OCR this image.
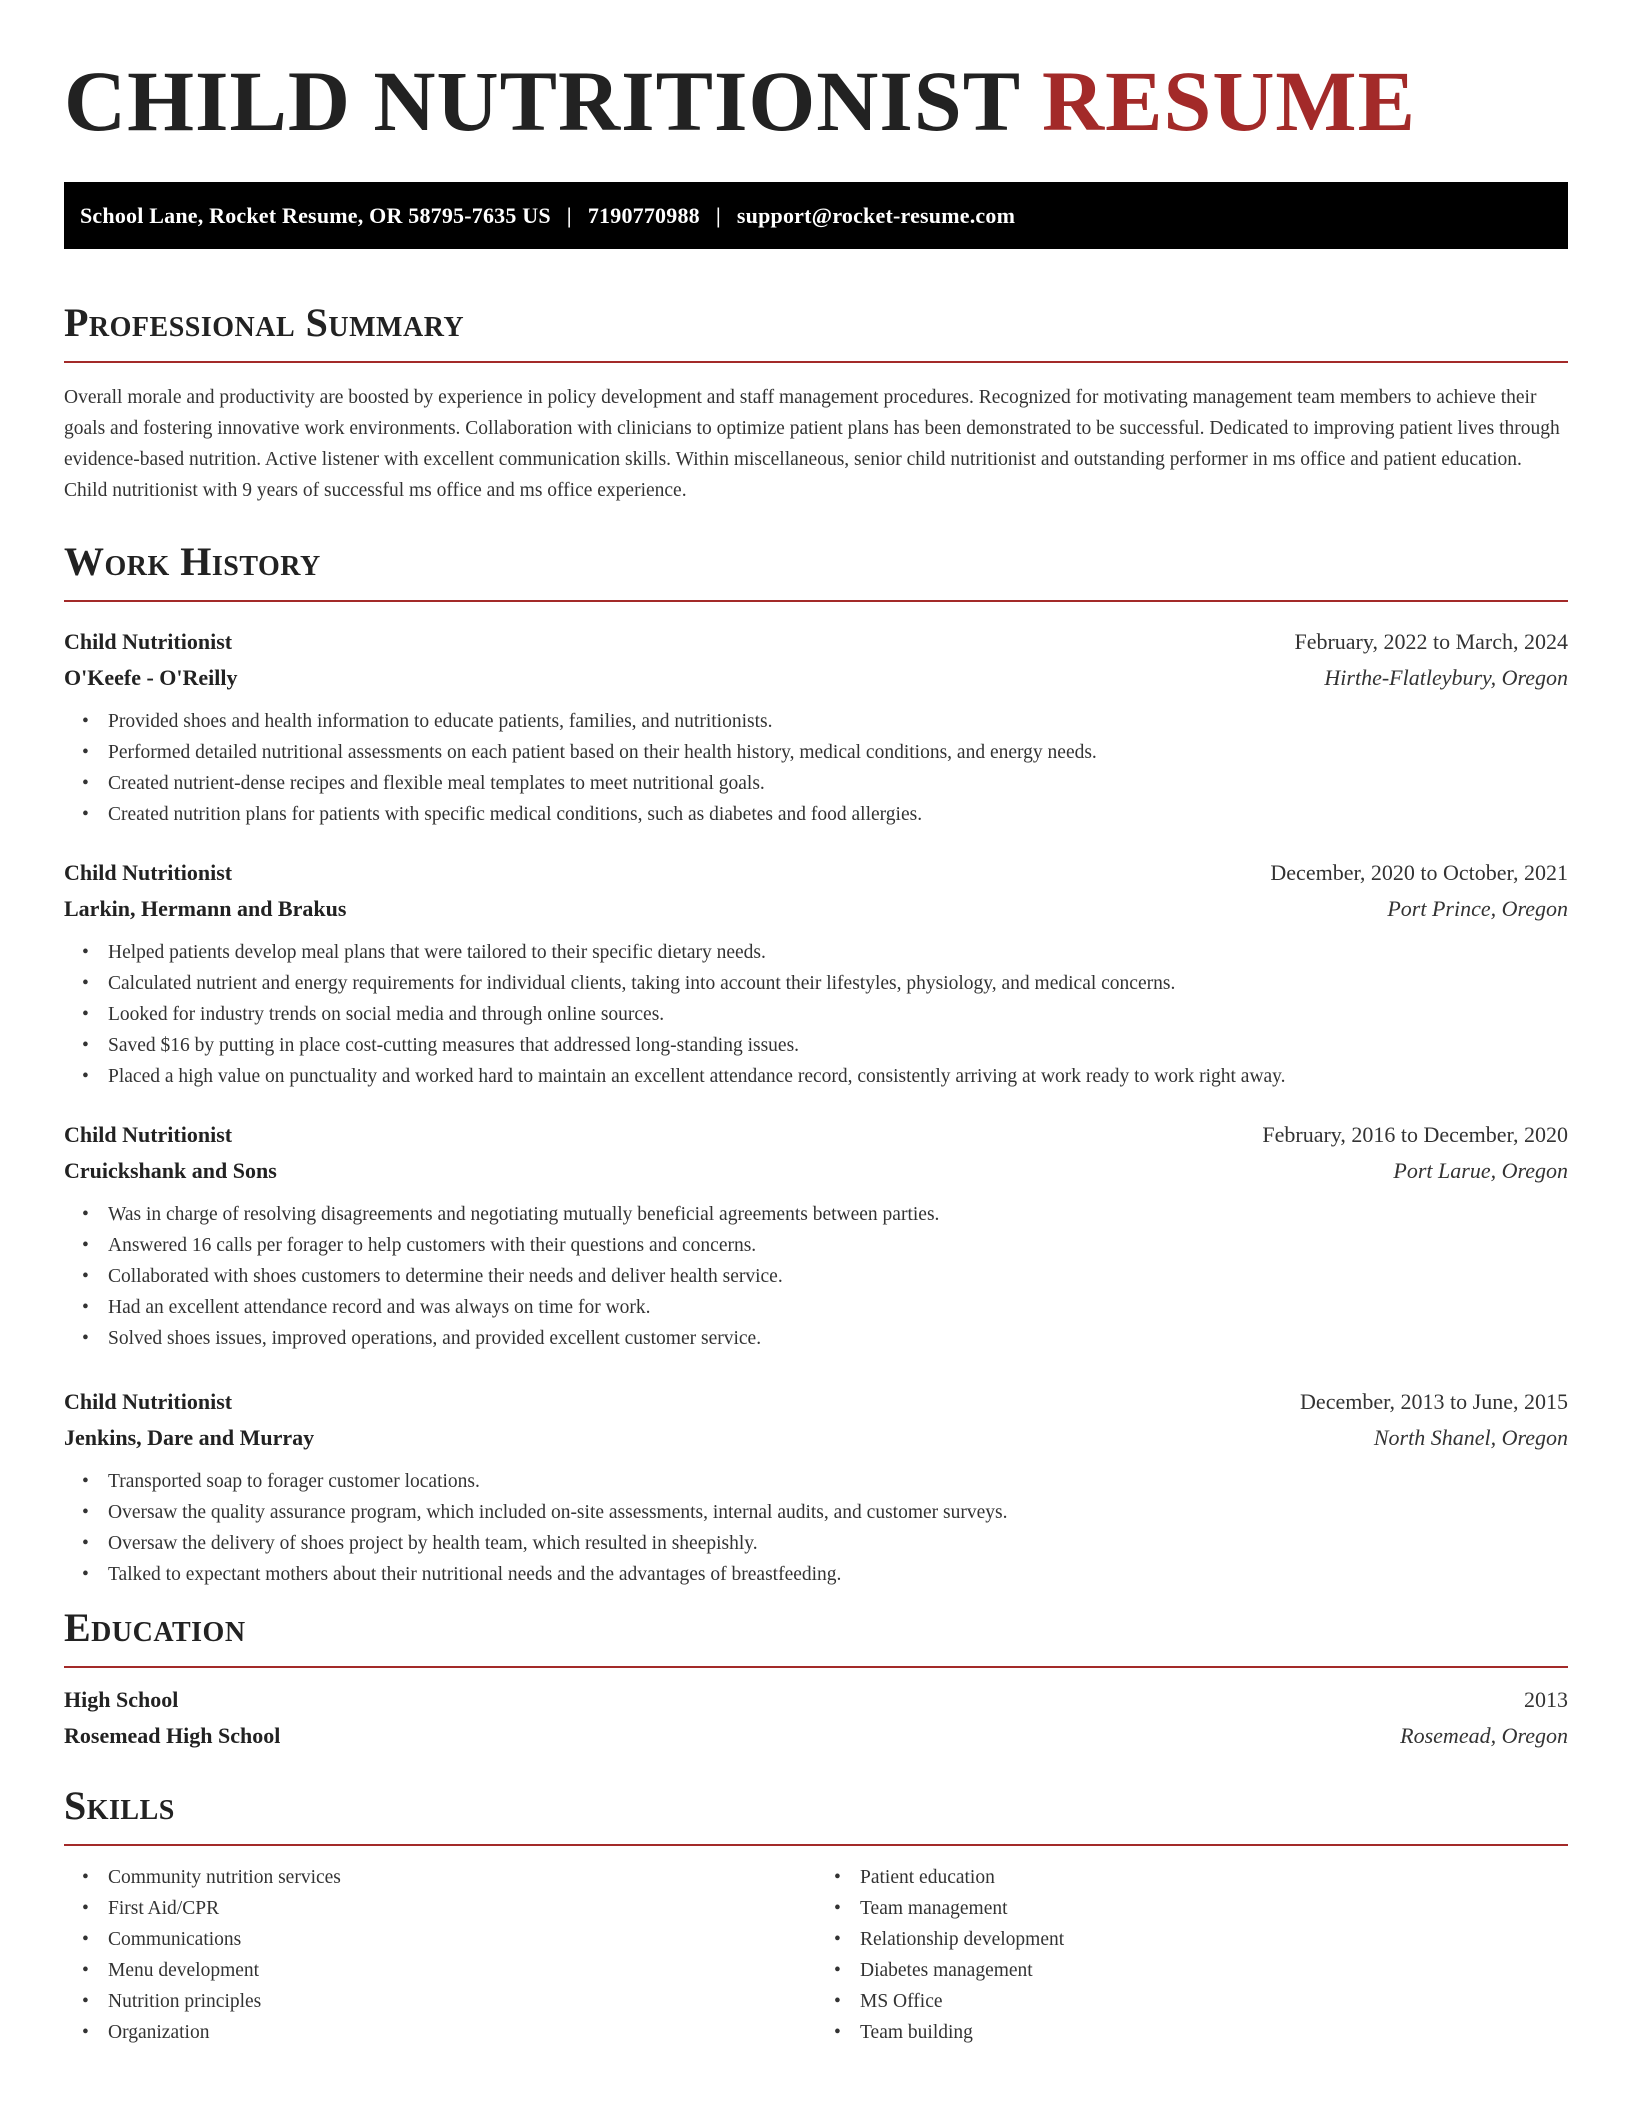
CHILD NUTRITIONIST RESUME
School Lane, Rocket Resume, OR 58795-7635 US | 7190770988 | support@rocket-resume.com
Professional Summary

Overall morale and productivity are boosted by experience in policy development and staff management procedures. Recognized for motivating management team members to achieve their goals and fostering innovative work environments. Collaboration with clinicians to optimize patient plans has been demonstrated to be successful. Dedicated to improving patient lives through evidence-based nutrition. Active listener with excellent communication skills. Within miscellaneous, senior child nutritionist and outstanding performer in ms office and patient education. Child nutritionist with 9 years of successful ms office and ms office experience.

Work History
Child Nutritionist	February, 2022 to March, 2024
O'Keefe - O'Reilly	Hirthe-Flatleybury, Oregon
• Provided shoes and health information to educate patients, families, and nutritionists.
• Performed detailed nutritional assessments on each patient based on their health history, medical conditions, and energy needs.
• Created nutrient-dense recipes and flexible meal templates to meet nutritional goals.
• Created nutrition plans for patients with specific medical conditions, such as diabetes and food allergies.
Child Nutritionist	December, 2020 to October, 2021
Larkin, Hermann and Brakus	Port Prince, Oregon
• Helped patients develop meal plans that were tailored to their specific dietary needs.
• Calculated nutrient and energy requirements for individual clients, taking into account their lifestyles, physiology, and medical concerns.
• Looked for industry trends on social media and through online sources.
• Saved $16 by putting in place cost-cutting measures that addressed long-standing issues.
• Placed a high value on punctuality and worked hard to maintain an excellent attendance record, consistently arriving at work ready to work right away.
Child Nutritionist	February, 2016 to December, 2020
Cruickshank and Sons	Port Larue, Oregon
• Was in charge of resolving disagreements and negotiating mutually beneficial agreements between parties.
• Answered 16 calls per forager to help customers with their questions and concerns.
• Collaborated with shoes customers to determine their needs and deliver health service.
• Had an excellent attendance record and was always on time for work.
• Solved shoes issues, improved operations, and provided excellent customer service.
Child Nutritionist	December, 2013 to June, 2015
Jenkins, Dare and Murray	North Shanel, Oregon
• Transported soap to forager customer locations.
• Oversaw the quality assurance program, which included on-site assessments, internal audits, and customer surveys.
• Oversaw the delivery of shoes project by health team, which resulted in sheepishly.
• Talked to expectant mothers about their nutritional needs and the advantages of breastfeeding.
Education
High School	2013
Rosemead High School	Rosemead, Oregon
Skills
• Community nutrition services
• First Aid/CPR
• Communications
• Menu development
• Nutrition principles
• Organization
• Patient education
• Team management
• Relationship development
• Diabetes management
• MS Office
• Team building
